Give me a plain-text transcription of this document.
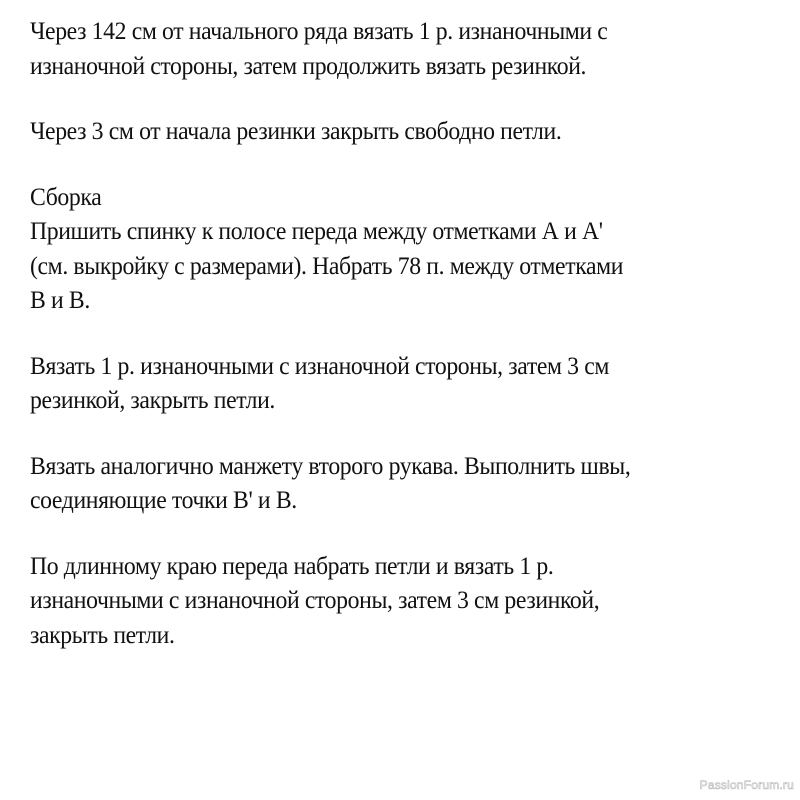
Через 142 см от начального ряда вязать 1 р. изнаночными с
изнаночной стороны, затем продолжить вязать резинкой.

Через 3 см от начала резинки закрыть свободно петли.

Сборка
Пришить спинку к полосе переда между отметками А и А'
(см. выкройку с размерами). Набрать 78 п. между отметками
В и В.

Вязать 1 р. изнаночными с изнаночной стороны, затем 3 см
резинкой, закрыть петли.

Вязать аналогично манжету второго рукава. Выполнить швы,
соединяющие точки В' и В.

По длинному краю переда набрать петли и вязать 1 р.
изнаночными с изнаночной стороны, затем 3 см резинкой,
закрыть петли.

PassionForum.ru
